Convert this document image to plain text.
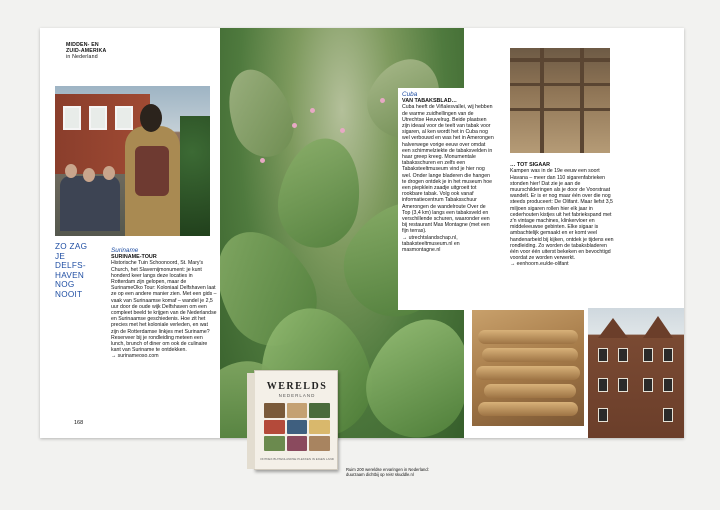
MIDDEN- EN
ZUID-AMERIKA
in Nederland
ZO ZAG JE DELFS-HAVEN NOG NOOIT
Suriname
SURINAME-TOUR
Historische Tuin Schoonoord, St. Mary's Church, het Slavernijmonument: je kunt honderd keer langs deze locaties in Rotterdam zijn gelopen, maar de SurinameOko Tour: Koloniaal Delfshaven laat ze op een andere manier zien. Met een gids – vaak van Surinaamse komaf – wandel je 2,5 uur door de oude wijk Delfshaven om een compleet beeld te krijgen van de Nederlandse en Surinaamse geschiedenis. Hoe zit het precies met het koloniale verleden, en wat zijn de Rotterdamse linkjes met Suriname? Reserveer bij je rondleiding meteen een lunch, brunch of diner om ook de culinaire kant van Suriname te ontdekken.
→ surinameoso.com
168
Cuba
VAN TABAKSBLAD…
Cuba heeft de Viñalesvallei, wij hebben de warme zuidhellingen van de Utrechtse Heuvelrug. Beide plaatsen zijn ideaal voor de teelt van tabak voor sigaren, al ken wordt het in Cuba nog wel verbouwd en was het in Amerongen halverwege vorige eeuw over omdat een schimmelziekte de tabaksvelden in haar greep kreeg. Monumentale tabaksschuren en zelfs een Tabaksteeltmuseum vind je hier nog wel. Onder lange bladeren die hangen te drogen ontdek je in het museum hoe een piepklein zaadje uitgroeit tot rookbare tabak. Volg ook vanaf informatiecentrum Tabaksschuur Amerongen de wandelroute Over de Top (3,4 km) langs een tabaksveld en verschillende schuren, waaronder een bij restaurant Mas Montagne (met een fijn terras).
→ utrechtslandschap.nl, tabaksteeltmuseum.nl en masmontagne.nl
… TOT SIGAAR
Kampen was in de 19e eeuw een soort Havana – meer dan 110 sigarenfabrieken stonden hier! Dat zie je aan de muurschilderingen als je door de Voorstraat wandelt. Er is er nog maar één over die nog steeds produceert: De Olifant. Maar liefst 3,5 miljoen sigaren rollen hier elk jaar in cederhouten kistjes uit het fabriekspand met z'n vintage machines, klinkervloer en middeleeuwse gebinten. Elke sigaar is ambachtelijk gemaakt en er komt veel handenarbeid bij kijken, ontdek je tijdens een rondleiding. Zo worden de tabaksbladeren één voor één uiterst bekeken en bevochtigd voordat ze worden verwerkt.
→ eenhoorn.eu/de-olifant
WERELDS
NEDERLAND
ONTDEK BUITENLANDSE PLEKKEN IN EIGEN LAND
Ruim 200 wereldse ervaringen in Nederland: duurzaam dichtbij op reis! skuddle.nl
